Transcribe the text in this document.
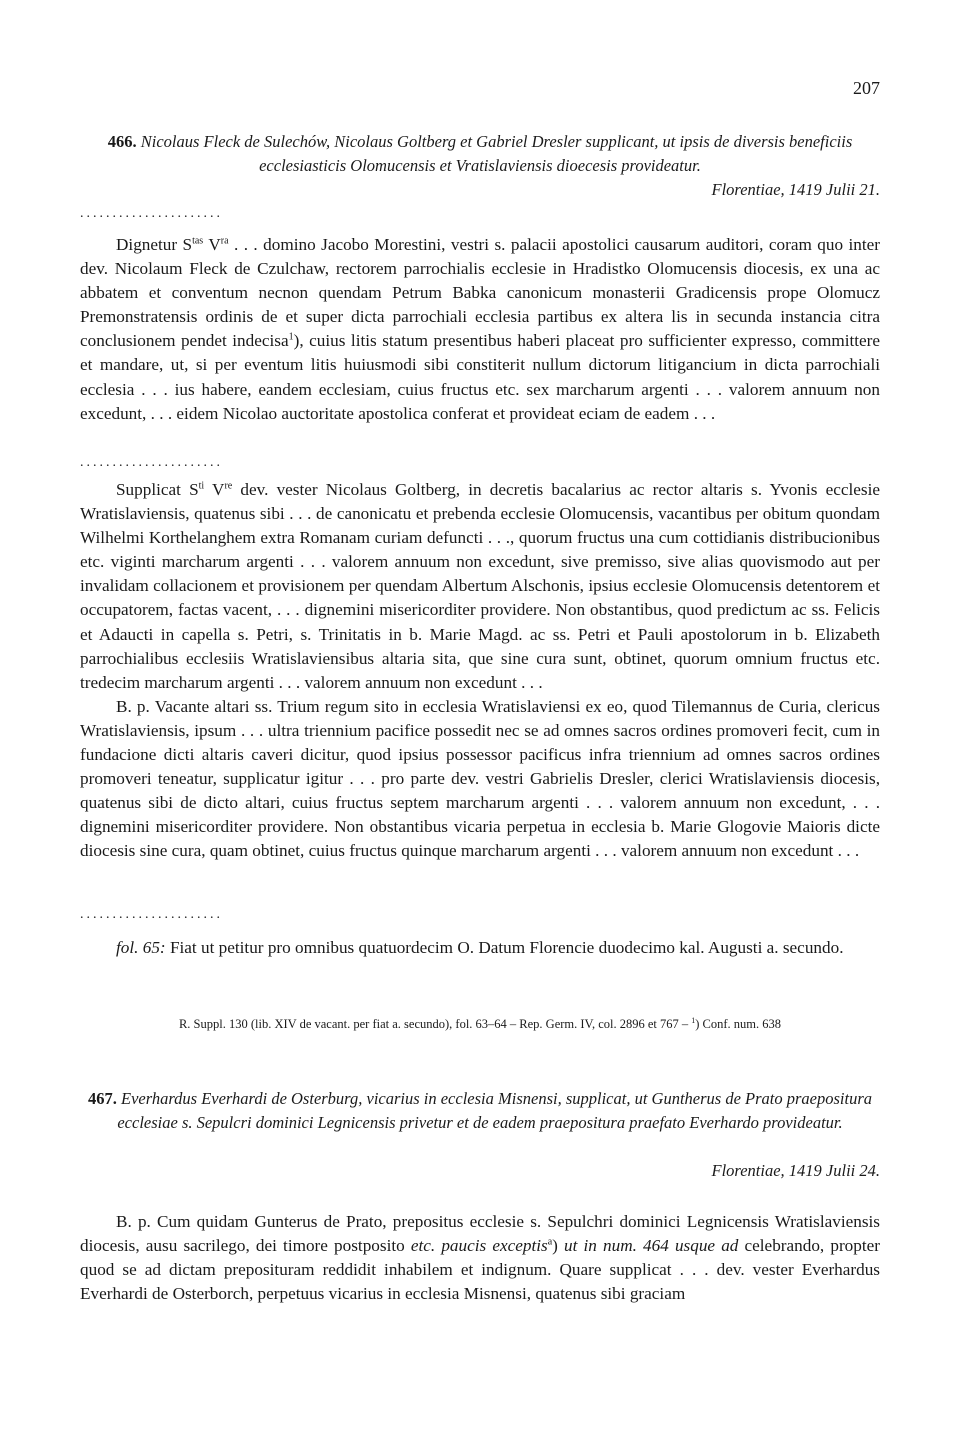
207
466. Nicolaus Fleck de Sulechów, Nicolaus Goltberg et Gabriel Dresler supplicant, ut ipsis de diversis beneficiis ecclesiasticis Olomucensis et Vratislaviensis dioecesis provideatur.
Florentiae, 1419 Julii 21.
......................

Dignetur $S^{tas}$ $V^{ra}$ . . . domino Jacobo Morestini, vestri s. palacii apostolici causarum auditori, coram quo inter dev. Nicolaum Fleck de Czulchaw, rectorem parrochialis ecclesie in Hradistko Olomucensis diocesis, ex una ac abbatem et conventum necnon quendam Petrum Babka canonicum monasterii Gradicensis prope Olomucz Premonstratensis ordinis de et super dicta parrochiali ecclesia partibus ex altera lis in secunda instancia citra conclusionem pendet indecisa$^1$), cuius litis statum presentibus haberi placeat pro sufficienter expresso, committere et mandare, ut, si per eventum litis huiusmodi sibi constiterit nullum dictorum litigancium in dicta parrochiali ecclesia . . . ius habere, eandem ecclesiam, cuius fructus etc. sex marcharum argenti . . . valorem annuum non excedunt, . . . eidem Nicolao auctoritate apostolica conferat et provideat eciam de eadem . . .

......................

Supplicat $S^{ti}$ Vre dev. vester Nicolaus Goltberg, in decretis bacalarius ac rector altaris s. Yvonis ecclesie Wratislaviensis, quatenus sibi . . . de canonicatu et prebenda ecclesie Olomucensis, vacantibus per obitum quondam Wilhelmi Korthelanghem extra Romanam curiam defuncti . . ., quorum fructus una cum cottidianis distribucionibus etc. viginti marcharum argenti . . . valorem annuum non excedunt, sive premisso, sive alias quovismodo aut per invalidam collacionem et provisionem per quendam Albertum Alschonis, ipsius ecclesie Olomucensis detentorem et occupatorem, factas vacent, . . . dignemini misericorditer providere. Non obstantibus, quod predictum ac ss. Felicis et Adaucti in capella s. Petri, s. Trinitatis in b. Marie Magd. ac ss. Petri et Pauli apostolorum in b. Elizabeth parrochialibus ecclesiis Wratislaviensibus altaria sita, que sine cura sunt, obtinet, quorum omnium fructus etc. tredecim marcharum argenti . . . valorem annuum non excedunt . . .

B. p. Vacante altari ss. Trium regum sito in ecclesia Wratislaviensi ex eo, quod Tilemannus de Curia, clericus Wratislaviensis, ipsum . . . ultra triennium pacifice possedit nec se ad omnes sacros ordines promoveri fecit, cum in fundacione dicti altaris caveri dicitur, quod ipsius possessor pacificus infra triennium ad omnes sacros ordines promoveri teneatur, supplicatur igitur . . . pro parte dev. vestri Gabrielis Dresler, clerici Wratislaviensis diocesis, quatenus sibi de dicto altari, cuius fructus septem marcharum argenti . . . valorem annuum non excedunt, . . . dignemini misericorditer providere. Non obstantibus vicaria perpetua in ecclesia b. Marie Glogovie Maioris dicte diocesis sine cura, quam obtinet, cuius fructus quinque marcharum argenti . . . valorem annuum non excedunt . . .

......................

fol. 65: Fiat ut petitur pro omnibus quatuordecim O. Datum Florencie duodecimo kal. Augusti a. secundo.

R. Suppl. 130 (lib. XIV de vacant. per fiat a. secundo), fol. 63–64 – Rep. Germ. IV, col. 2896 et 767 – $^1$) Conf. num. 638
467. Everhardus Everhardi de Osterburg, vicarius in ecclesia Misnensi, supplicat, ut Guntherus de Prato praepositura ecclesiae s. Sepulcri dominici Legnicensis privetur et de eadem praepositura praefato Everhardo provideatur.
Florentiae, 1419 Julii 24.

B. p. Cum quidam Gunterus de Prato, prepositus ecclesie s. Sepulchri dominici Legnicensis Wratislaviensis diocesis, ausu sacrilego, dei timore postposito etc. paucis exceptis$^a$) ut in num. 464 usque ad celebrando, propter quod se ad dictam preposituram reddidit inhabilem et indignum. Quare supplicat . . . dev. vester Everhardus Everhardi de Osterborch, perpetuus vicarius in ecclesia Misnensi, quatenus sibi graciam
